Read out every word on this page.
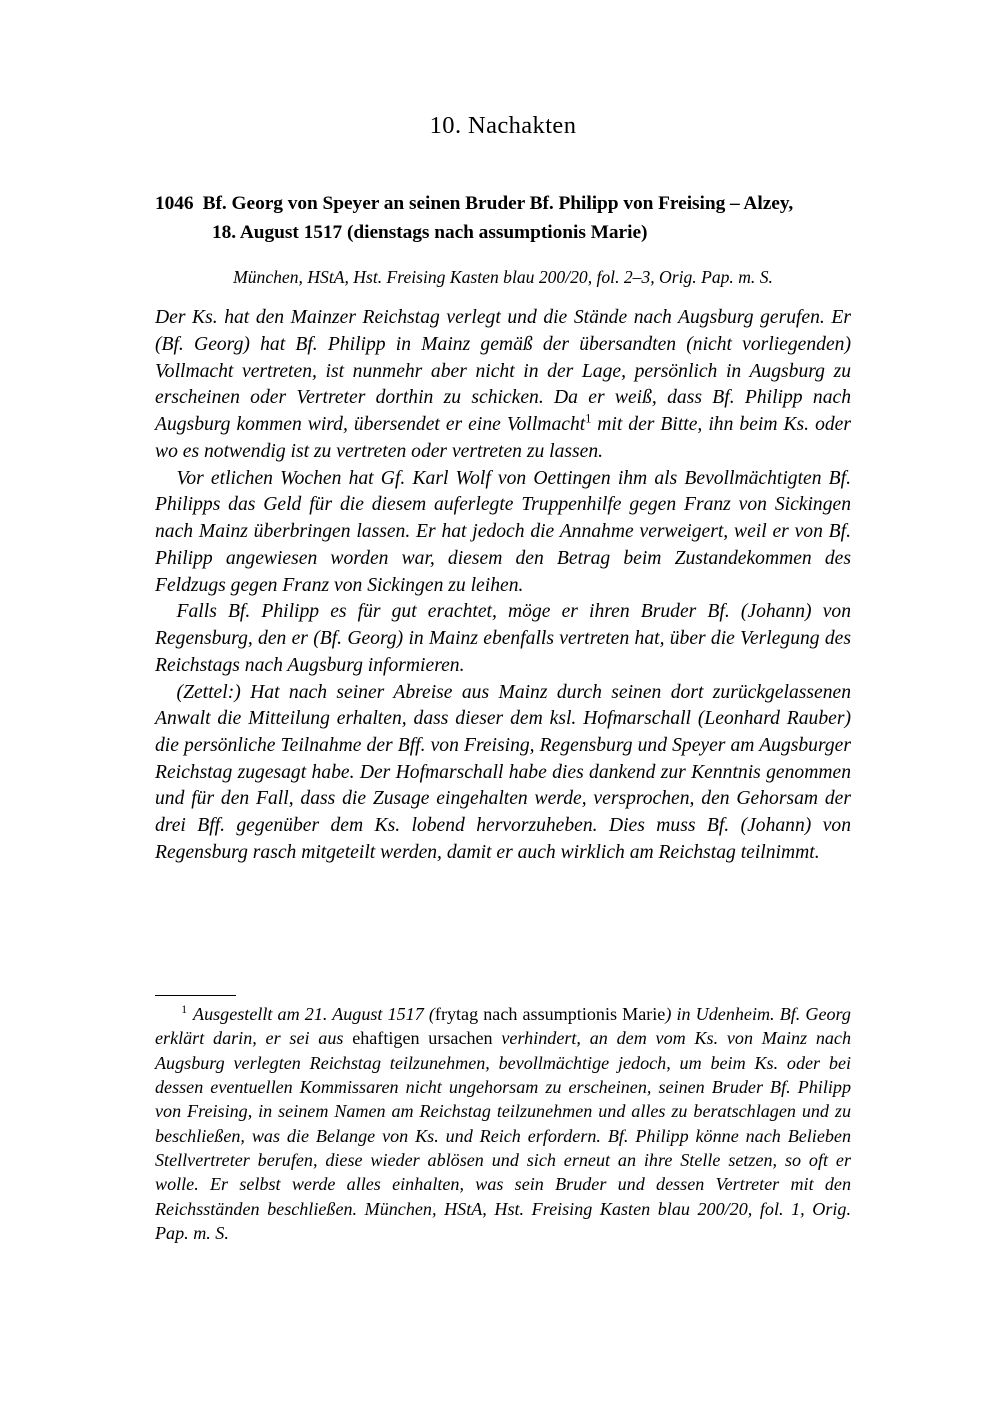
10. Nachakten
1046 Bf. Georg von Speyer an seinen Bruder Bf. Philipp von Freising – Alzey,
18. August 1517 (dienstags nach assumptionis Marie)
München, HStA, Hst. Freising Kasten blau 200/20, fol. 2–3, Orig. Pap. m. S.

Der Ks. hat den Mainzer Reichstag verlegt und die Stände nach Augsburg gerufen. Er (Bf. Georg) hat Bf. Philipp in Mainz gemäß der übersandten (nicht vorliegenden) Vollmacht vertreten, ist nunmehr aber nicht in der Lage, persönlich in Augsburg zu erscheinen oder Vertreter dorthin zu schicken. Da er weiß, dass Bf. Philipp nach Augsburg kommen wird, übersendet er eine Vollmacht$^1$ mit der Bitte, ihn beim Ks. oder wo es notwendig ist zu vertreten oder vertreten zu lassen.

Vor etlichen Wochen hat Gf. Karl Wolf von Oettingen ihm als Bevollmächtigten Bf. Philipps das Geld für die diesem auferlegte Truppenhilfe gegen Franz von Sickingen nach Mainz überbringen lassen. Er hat jedoch die Annahme verweigert, weil er von Bf. Philipp angewiesen worden war, diesem den Betrag beim Zustandekommen des Feldzugs gegen Franz von Sickingen zu leihen.

Falls Bf. Philipp es für gut erachtet, möge er ihren Bruder Bf. (Johann) von Regensburg, den er (Bf. Georg) in Mainz ebenfalls vertreten hat, über die Verlegung des Reichstags nach Augsburg informieren.

(Zettel:) Hat nach seiner Abreise aus Mainz durch seinen dort zurückgelassenen Anwalt die Mitteilung erhalten, dass dieser dem ksl. Hofmarschall (Leonhard Rauber) die persönliche Teilnahme der Bff. von Freising, Regensburg und Speyer am Augsburger Reichstag zugesagt habe. Der Hofmarschall habe dies dankend zur Kenntnis genommen und für den Fall, dass die Zusage eingehalten werde, versprochen, den Gehorsam der drei Bff. gegenüber dem Ks. lobend hervorzuheben. Dies muss Bf. (Johann) von Regensburg rasch mitgeteilt werden, damit er auch wirklich am Reichstag teilnimmt.

$^1$ Ausgestellt am 21. August 1517 (frytag nach assumptionis Marie) in Udenheim. Bf. Georg erklärt darin, er sei aus ehaftigen ursachen verhindert, an dem vom Ks. von Mainz nach Augsburg verlegten Reichstag teilzunehmen, bevollmächtige jedoch, um beim Ks. oder bei dessen eventuellen Kommissaren nicht ungehorsam zu erscheinen, seinen Bruder Bf. Philipp von Freising, in seinem Namen am Reichstag teilzunehmen und alles zu beratschlagen und zu beschließen, was die Belange von Ks. und Reich erfordern. Bf. Philipp könne nach Belieben Stellvertreter berufen, diese wieder ablösen und sich erneut an ihre Stelle setzen, so oft er wolle. Er selbst werde alles einhalten, was sein Bruder und dessen Vertreter mit den Reichsständen beschließen. München, HStA, Hst. Freising Kasten blau 200/20, fol. 1, Orig. Pap. m. S.
